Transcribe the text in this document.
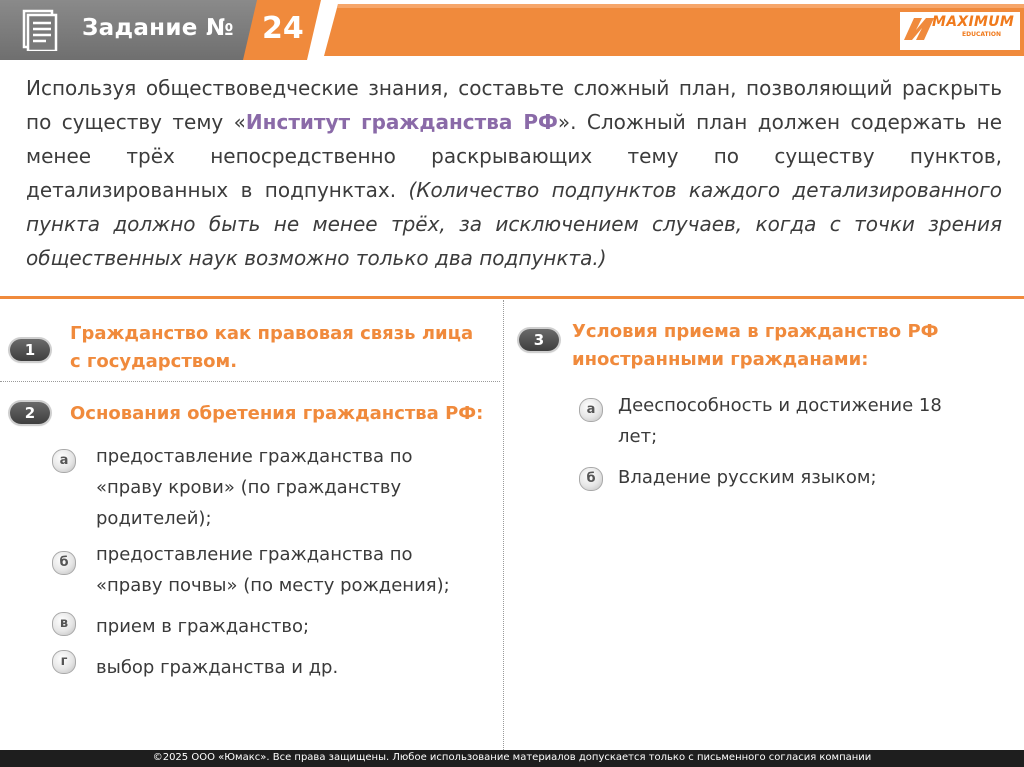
Задание № 24	MAXIMUM
EDUCATION
Используя обществоведческие знания, составьте сложный план, позволяющий раскрыть по существу тему «Институт гражданства РФ». Сложный план должен содержать не менее трёх непосредственно раскрывающих тему по существу пунктов, детализированных в подпунктах. (Количество подпунктов каждого детализированного пункта должно быть не менее трёх, за исключением случаев, когда с точки зрения общественных наук возможно только два подпункта.)
1
Гражданство как правовая связь лица
с государством.
2	Основания обретения гражданства РФ:
а	предоставление гражданства по
«праву крови» (по гражданству
родителей);
б	предоставление гражданства по
«праву почвы» (по месту рождения);
в	прием в гражданство;
г	выбор гражданства и др.
3	Условия приема в гражданство РФ
иностранными гражданами:
а	Дееспособность и достижение 18
лет;
б	Владение русским языком;
©2025 ООО «Юмакс». Все права защищены. Любое использование материалов допускается только с письменного согласия компании
